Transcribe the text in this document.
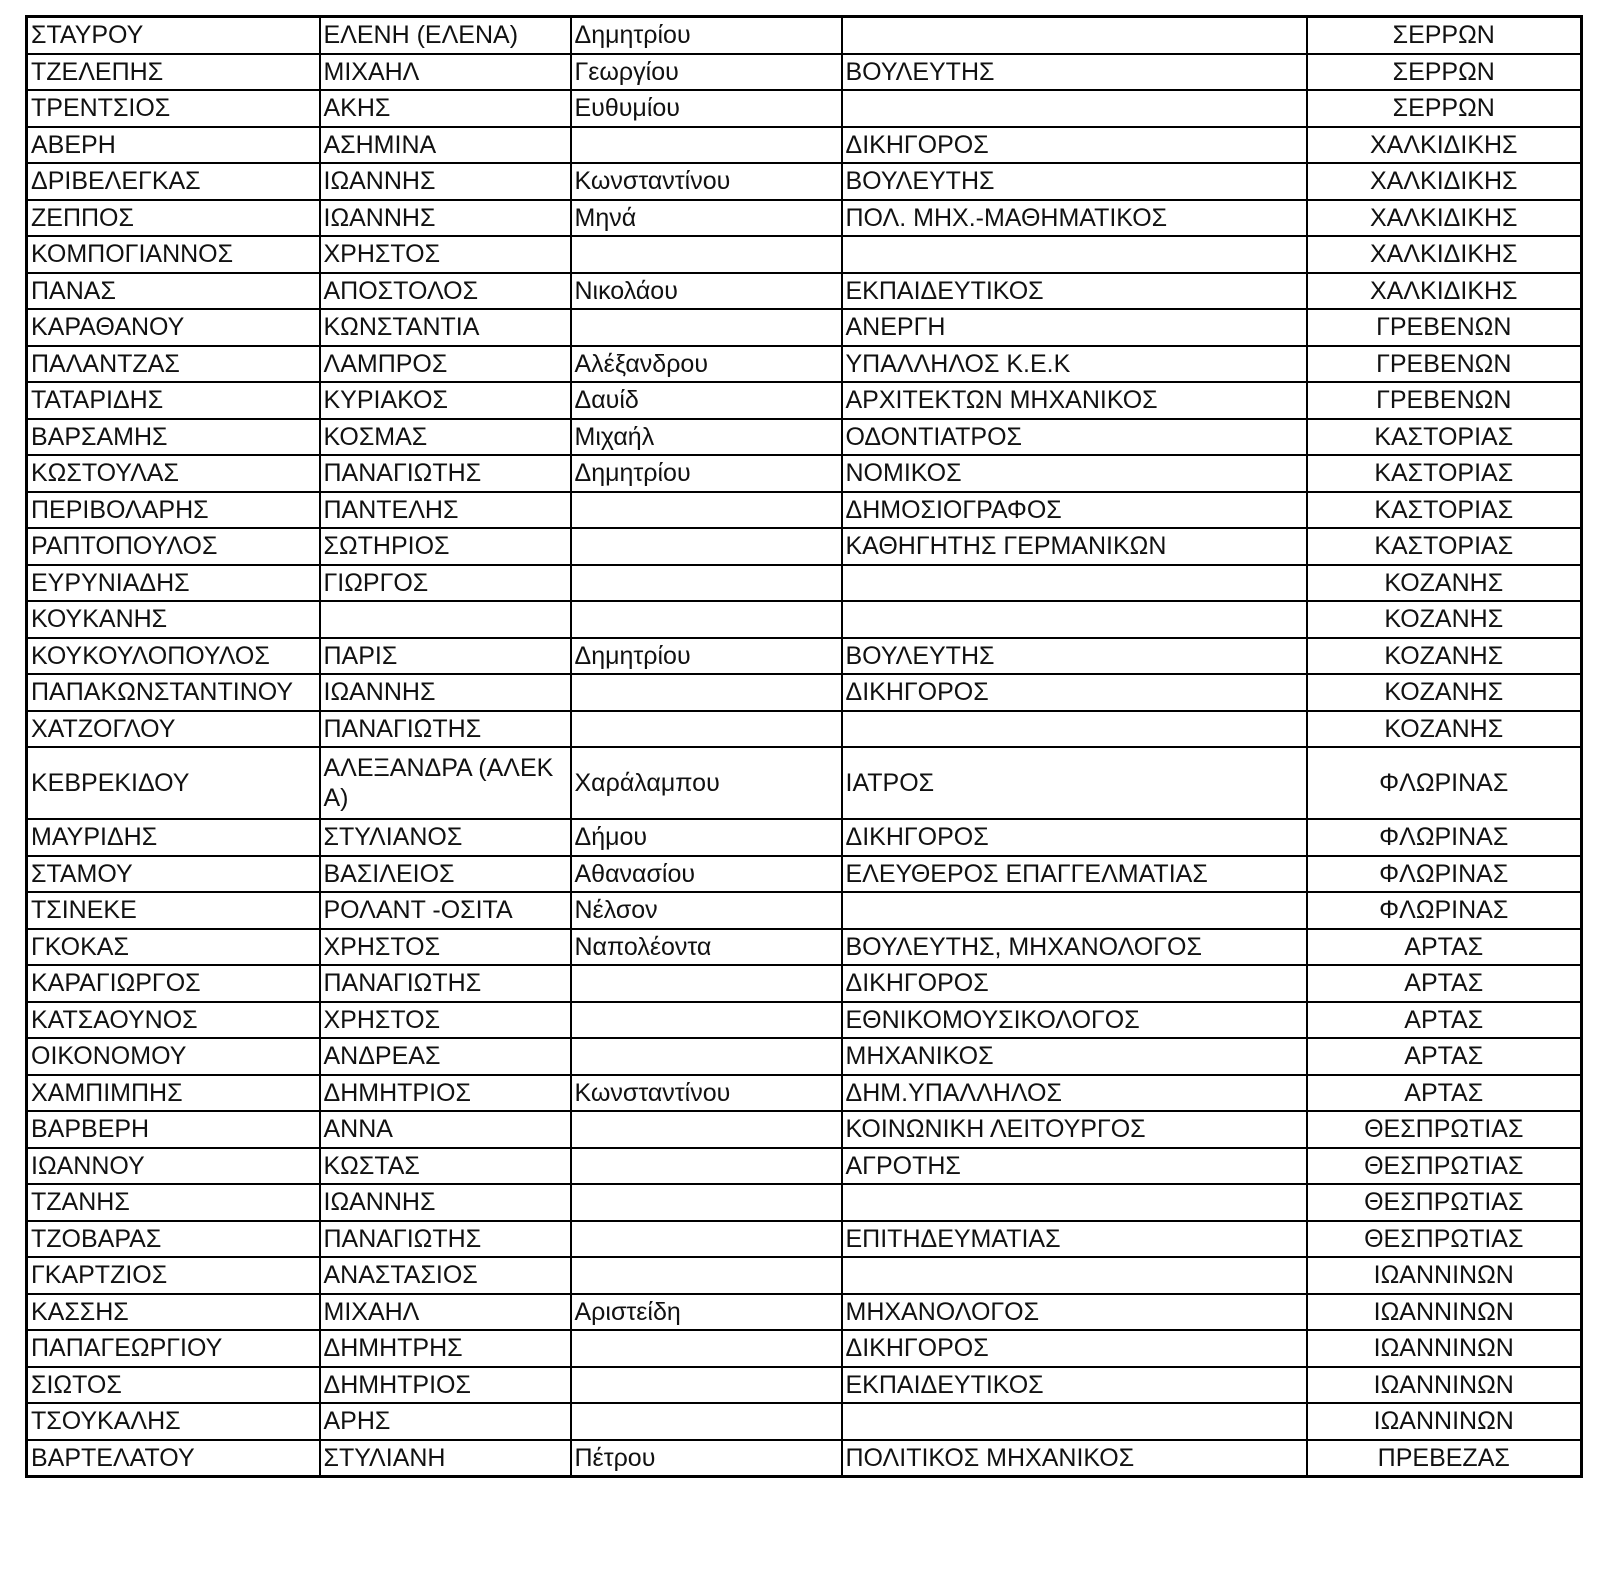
ΣΤΑΥΡΟΥ	ΕΛΕΝΗ (ΕΛΕΝΑ)	Δημητρίου		ΣΕΡΡΩΝ
ΤΖΕΛΕΠΗΣ	ΜΙΧΑΗΛ	Γεωργίου	ΒΟΥΛΕΥΤΗΣ	ΣΕΡΡΩΝ
ΤΡΕΝΤΣΙΟΣ	ΑΚΗΣ	Ευθυμίου		ΣΕΡΡΩΝ
ΑΒΕΡΗ	ΑΣΗΜΙΝΑ		ΔΙΚΗΓΟΡΟΣ	ΧΑΛΚΙΔΙΚΗΣ
ΔΡΙΒΕΛΕΓΚΑΣ	ΙΩΑΝΝΗΣ	Κωνσταντίνου	ΒΟΥΛΕΥΤΗΣ	ΧΑΛΚΙΔΙΚΗΣ
ΖΕΠΠΟΣ	ΙΩΑΝΝΗΣ	Μηνά	ΠΟΛ. ΜΗΧ.-ΜΑΘΗΜΑΤΙΚΟΣ	ΧΑΛΚΙΔΙΚΗΣ
ΚΟΜΠΟΓΙΑΝΝΟΣ	ΧΡΗΣΤΟΣ			ΧΑΛΚΙΔΙΚΗΣ
ΠΑΝΑΣ	ΑΠΟΣΤΟΛΟΣ	Νικολάου	ΕΚΠΑΙΔΕΥΤΙΚΟΣ	ΧΑΛΚΙΔΙΚΗΣ
ΚΑΡΑΘΑΝΟΥ	ΚΩΝΣΤΑΝΤΙΑ		ΑΝΕΡΓΗ	ΓΡΕΒΕΝΩΝ
ΠΑΛΑΝΤΖΑΣ	ΛΑΜΠΡΟΣ	Αλέξανδρου	ΥΠΑΛΛΗΛΟΣ Κ.Ε.Κ	ΓΡΕΒΕΝΩΝ
ΤΑΤΑΡΙΔΗΣ	ΚΥΡΙΑΚΟΣ	Δαυίδ	ΑΡΧΙΤΕΚΤΩΝ ΜΗΧΑΝΙΚΟΣ	ΓΡΕΒΕΝΩΝ
ΒΑΡΣΑΜΗΣ	ΚΟΣΜΑΣ	Μιχαήλ	ΟΔΟΝΤΙΑΤΡΟΣ	ΚΑΣΤΟΡΙΑΣ
ΚΩΣΤΟΥΛΑΣ	ΠΑΝΑΓΙΩΤΗΣ	Δημητρίου	ΝΟΜΙΚΟΣ	ΚΑΣΤΟΡΙΑΣ
ΠΕΡΙΒΟΛΑΡΗΣ	ΠΑΝΤΕΛΗΣ		ΔΗΜΟΣΙΟΓΡΑΦΟΣ	ΚΑΣΤΟΡΙΑΣ
ΡΑΠΤΟΠΟΥΛΟΣ	ΣΩΤΗΡΙΟΣ		ΚΑΘΗΓΗΤΗΣ ΓΕΡΜΑΝΙΚΩΝ	ΚΑΣΤΟΡΙΑΣ
ΕΥΡΥΝΙΑΔΗΣ	ΓΙΩΡΓΟΣ			ΚΟΖΑΝΗΣ
ΚΟΥΚΑΝΗΣ				ΚΟΖΑΝΗΣ
ΚΟΥΚΟΥΛΟΠΟΥΛΟΣ	ΠΑΡΙΣ	Δημητρίου	ΒΟΥΛΕΥΤΗΣ	ΚΟΖΑΝΗΣ
ΠΑΠΑΚΩΝΣΤΑΝΤΙΝΟΥ	ΙΩΑΝΝΗΣ		ΔΙΚΗΓΟΡΟΣ	ΚΟΖΑΝΗΣ
ΧΑΤΖΟΓΛΟΥ	ΠΑΝΑΓΙΩΤΗΣ			ΚΟΖΑΝΗΣ
ΚΕΒΡΕΚΙΔΟΥ	ΑΛΕΞΑΝΔΡΑ (ΑΛΕΚΑ)	Χαράλαμπου	ΙΑΤΡΟΣ	ΦΛΩΡΙΝΑΣ
ΜΑΥΡΙΔΗΣ	ΣΤΥΛΙΑΝΟΣ	Δήμου	ΔΙΚΗΓΟΡΟΣ	ΦΛΩΡΙΝΑΣ
ΣΤΑΜΟΥ	ΒΑΣΙΛΕΙΟΣ	Αθανασίου	ΕΛΕΥΘΕΡΟΣ ΕΠΑΓΓΕΛΜΑΤΙΑΣ	ΦΛΩΡΙΝΑΣ
ΤΣΙΝΕΚΕ	ΡΟΛΑΝΤ -ΟΣΙΤΑ	Νέλσον		ΦΛΩΡΙΝΑΣ
ΓΚΟΚΑΣ	ΧΡΗΣΤΟΣ	Ναπολέοντα	ΒΟΥΛΕΥΤΗΣ, ΜΗΧΑΝΟΛΟΓΟΣ	ΑΡΤΑΣ
ΚΑΡΑΓΙΩΡΓΟΣ	ΠΑΝΑΓΙΩΤΗΣ		ΔΙΚΗΓΟΡΟΣ	ΑΡΤΑΣ
ΚΑΤΣΑΟΥΝΟΣ	ΧΡΗΣΤΟΣ		ΕΘΝΙΚΟΜΟΥΣΙΚΟΛΟΓΟΣ	ΑΡΤΑΣ
ΟΙΚΟΝΟΜΟΥ	ΑΝΔΡΕΑΣ		ΜΗΧΑΝΙΚΟΣ	ΑΡΤΑΣ
ΧΑΜΠΙΜΠΗΣ	ΔΗΜΗΤΡΙΟΣ	Κωνσταντίνου	ΔΗΜ.ΥΠΑΛΛΗΛΟΣ	ΑΡΤΑΣ
ΒΑΡΒΕΡΗ	ΑΝΝΑ		ΚΟΙΝΩΝΙΚΗ ΛΕΙΤΟΥΡΓΟΣ	ΘΕΣΠΡΩΤΙΑΣ
ΙΩΑΝΝΟΥ	ΚΩΣΤΑΣ		ΑΓΡΟΤΗΣ	ΘΕΣΠΡΩΤΙΑΣ
ΤΖΑΝΗΣ	ΙΩΑΝΝΗΣ			ΘΕΣΠΡΩΤΙΑΣ
ΤΖΟΒΑΡΑΣ	ΠΑΝΑΓΙΩΤΗΣ		ΕΠΙΤΗΔΕΥΜΑΤΙΑΣ	ΘΕΣΠΡΩΤΙΑΣ
ΓΚΑΡΤΖΙΟΣ	ΑΝΑΣΤΑΣΙΟΣ			ΙΩΑΝΝΙΝΩΝ
ΚΑΣΣΗΣ	ΜΙΧΑΗΛ	Αριστείδη	ΜΗΧΑΝΟΛΟΓΟΣ	ΙΩΑΝΝΙΝΩΝ
ΠΑΠΑΓΕΩΡΓΙΟΥ	ΔΗΜΗΤΡΗΣ		ΔΙΚΗΓΟΡΟΣ	ΙΩΑΝΝΙΝΩΝ
ΣΙΩΤΟΣ	ΔΗΜΗΤΡΙΟΣ		ΕΚΠΑΙΔΕΥΤΙΚΟΣ	ΙΩΑΝΝΙΝΩΝ
ΤΣΟΥΚΑΛΗΣ	ΑΡΗΣ			ΙΩΑΝΝΙΝΩΝ
ΒΑΡΤΕΛΑΤΟΥ	ΣΤΥΛΙΑΝΗ	Πέτρου	ΠΟΛΙΤΙΚΟΣ ΜΗΧΑΝΙΚΟΣ	ΠΡΕΒΕΖΑΣ
